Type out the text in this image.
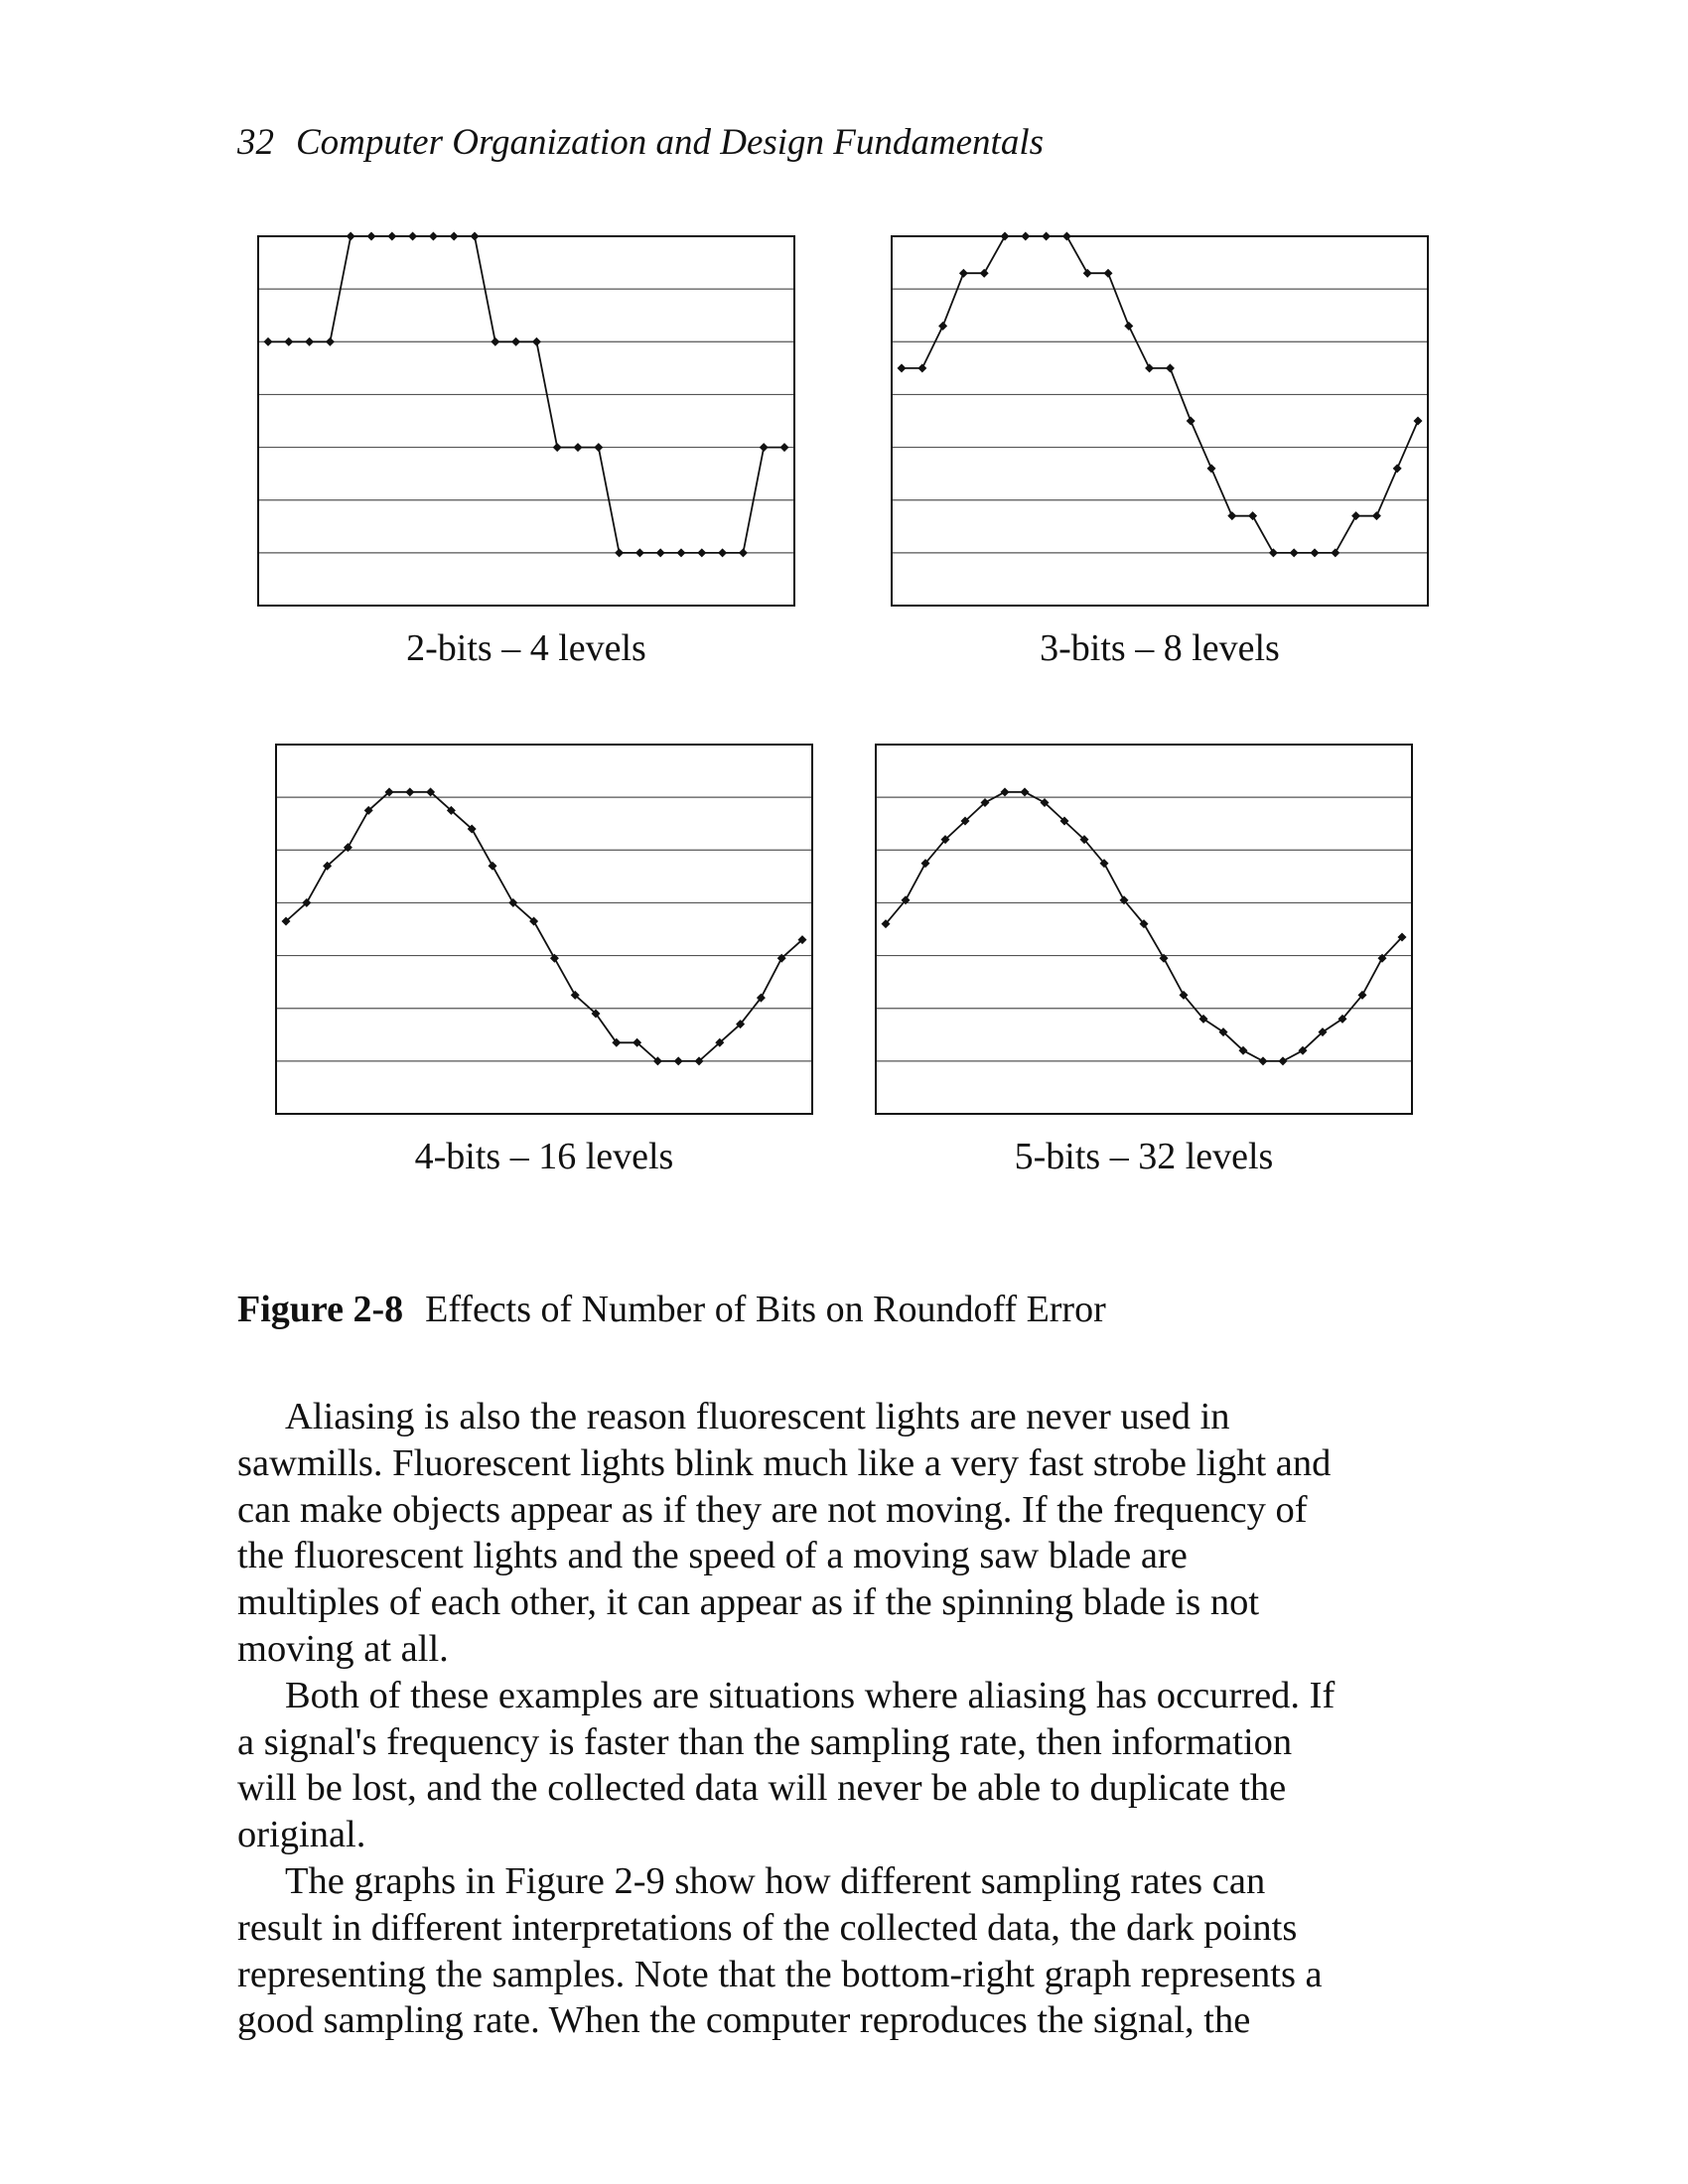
32 Computer Organization and Design Fundamentals
2-bits – 4 levels	3-bits – 8 levels
4-bits – 16 levels	5-bits – 32 levels
Figure 2-8 Effects of Number of Bits on Roundoff Error
Aliasing is also the reason fluorescent lights are never used in
sawmills. Fluorescent lights blink much like a very fast strobe light and
can make objects appear as if they are not moving. If the frequency of
the fluorescent lights and the speed of a moving saw blade are
multiples of each other, it can appear as if the spinning blade is not
moving at all.
Both of these examples are situations where aliasing has occurred. If
a signal's frequency is faster than the sampling rate, then information
will be lost, and the collected data will never be able to duplicate the
original.
The graphs in Figure 2-9 show how different sampling rates can
result in different interpretations of the collected data, the dark points
representing the samples. Note that the bottom-right graph represents a
good sampling rate. When the computer reproduces the signal, the
